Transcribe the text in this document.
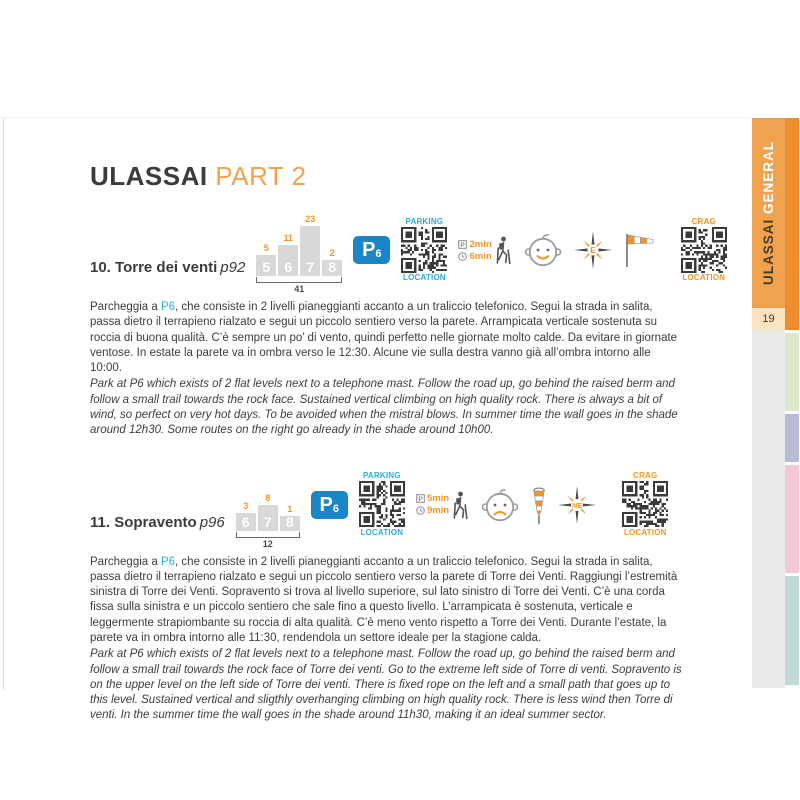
ULASSAI PART 2
10. Torre dei venti p92
5
5
11
6
23
7
2
8
41
P 6
PARKING
LOCATION
P 2min
6min
E
CRAG
LOCATION

Parcheggia a P6, che consiste in 2 livelli pianeggianti accanto a un traliccio telefonico. Segui la strada in salita, passa dietro il terrapieno rialzato e segui un piccolo sentiero verso la parete. Arrampicata verticale sostenuta su roccia di buona qualità. C’è sempre un po’ di vento, quindi perfetto nelle giornate molto calde. Da evitare in giornate ventose. In estate la parete va in ombra verso le 12:30. Alcune vie sulla destra vanno già all’ombra intorno alle 10:00.

Park at P6 which exists of 2 flat levels next to a telephone mast. Follow the road up, go behind the raised berm and follow a small trail towards the rock face. Sustained vertical climbing on high quality rock. There is always a bit of wind, so perfect on very hot days. To be avoided when the mistral blows. In summer time the wall goes in the shade around 12h30. Some routes on the right go already in the shade around 10h00.

11. Sopravento p96
3
6
8
7
1
8
12
P 6
PARKING
LOCATION
P 5min
9min
NE
CRAG
LOCATION

Parcheggia a P6, che consiste in 2 livelli pianeggianti accanto a un traliccio telefonico. Segui la strada in salita, passa dietro il terrapieno rialzato e segui un piccolo sentiero verso la parete di Torre dei Venti. Raggiungi l’estremità sinistra di Torre dei Venti. Sopravento si trova al livello superiore, sul lato sinistro di Torre dei Venti. C’è una corda fissa sulla sinistra e un piccolo sentiero che sale fino a questo livello. L’arrampicata è sostenuta, verticale e leggermente strapiombante su roccia di alta qualità. C’è meno vento rispetto a Torre dei Venti. Durante l’estate, la parete va in ombra intorno alle 11:30, rendendola un settore ideale per la stagione calda.

Park at P6 which exists of 2 flat levels next to a telephone mast. Follow the road up, go behind the raised berm and follow a small trail towards the rock face of Torre dei venti. Go to the extreme left side of Torre di venti. Sopravento is on the upper level on the left side of Torre dei venti. There is fixed rope on the left and a small path that goes up to this level. Sustained vertical and sligthly overhanging climbing on high quality rock. There is less wind then Torre di venti. In the summer time the wall goes in the shade around 11h30, making it an ideal summer sector.

ULASSAI

GENERAL
19
